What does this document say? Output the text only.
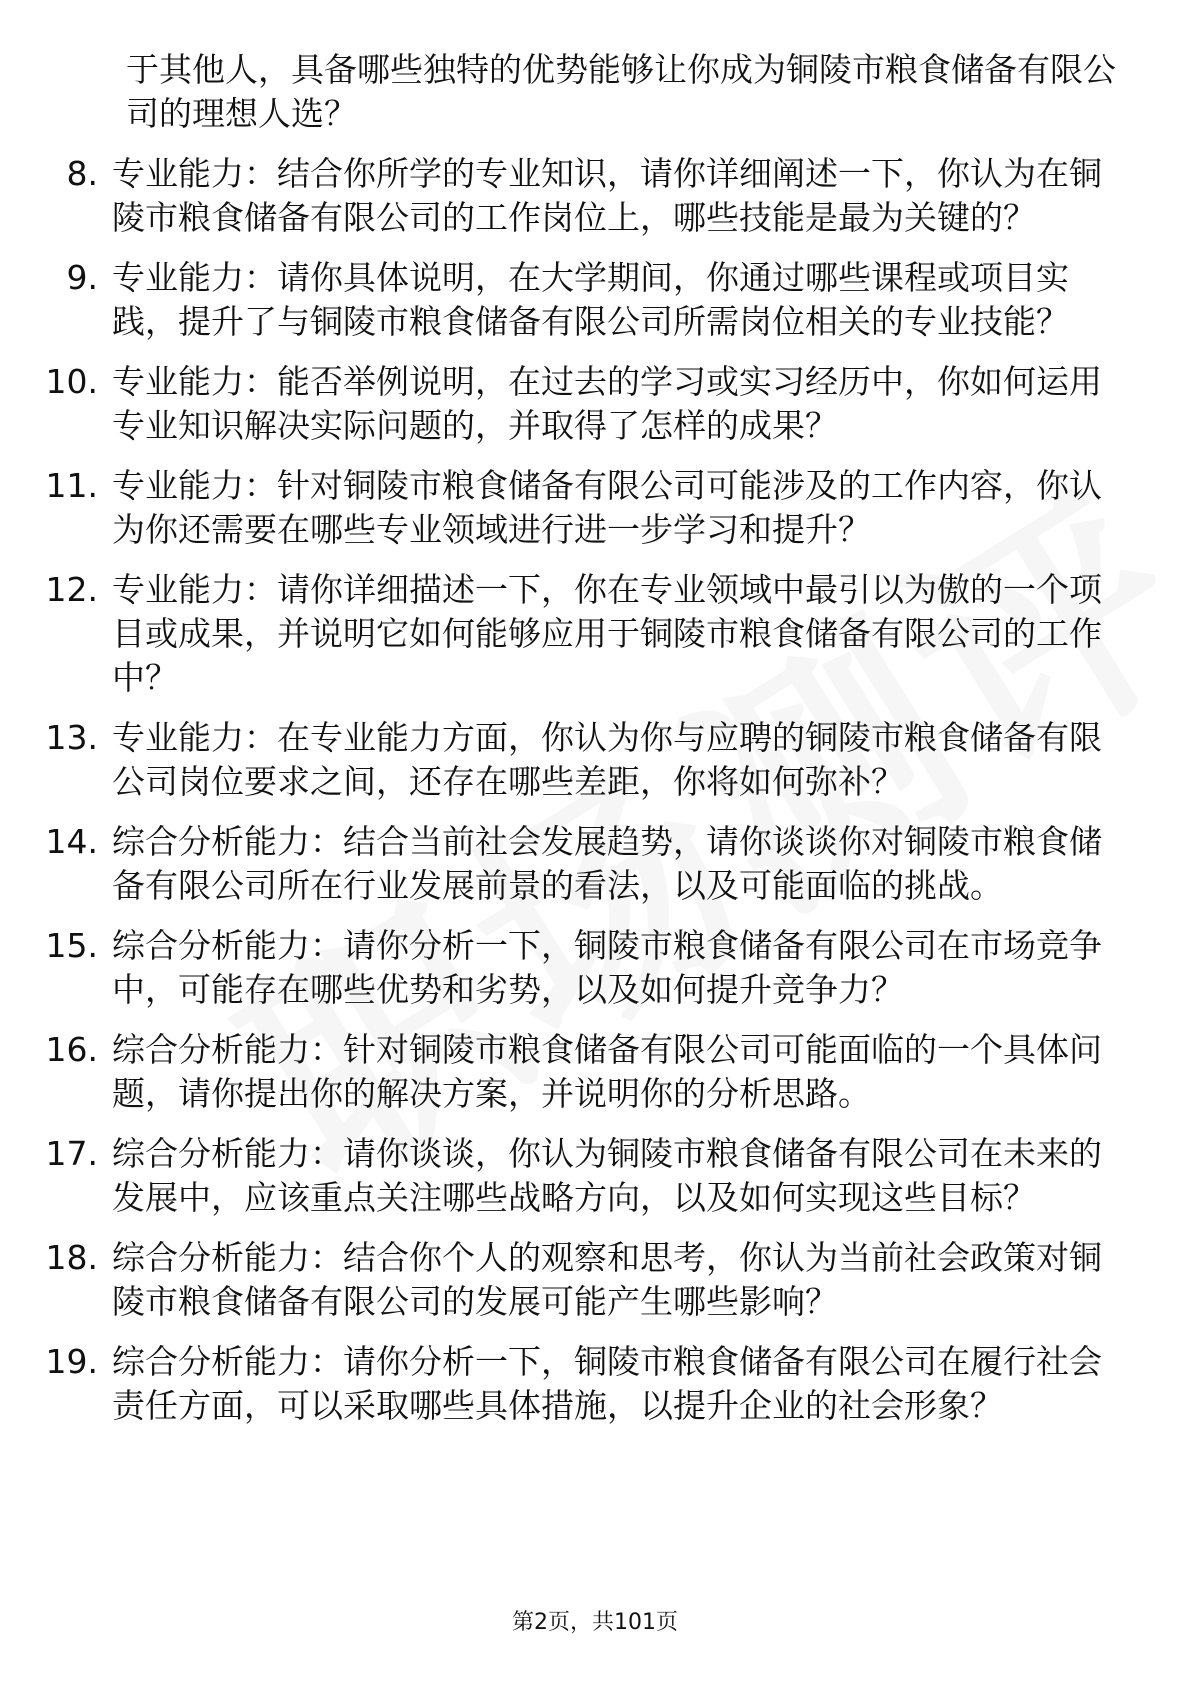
于其他人，具备哪些独特的优势能够让你成为铜陵市粮食储备有限公司的理想人选？
8. 专业能力：结合你所学的专业知识，请你详细阐述一下，你认为在铜陵市粮食储备有限公司的工作岗位上，哪些技能是最为关键的？
9. 专业能力：请你具体说明，在大学期间，你通过哪些课程或项目实践，提升了与铜陵市粮食储备有限公司所需岗位相关的专业技能？
10. 专业能力：能否举例说明，在过去的学习或实习经历中，你如何运用专业知识解决实际问题的，并取得了怎样的成果？
11. 专业能力：针对铜陵市粮食储备有限公司可能涉及的工作内容，你认为你还需要在哪些专业领域进行进一步学习和提升？
12. 专业能力：请你详细描述一下，你在专业领域中最引以为傲的一个项目或成果，并说明它如何能够应用于铜陵市粮食储备有限公司的工作中？
13. 专业能力：在专业能力方面，你认为你与应聘的铜陵市粮食储备有限公司岗位要求之间，还存在哪些差距，你将如何弥补？
14. 综合分析能力：结合当前社会发展趋势，请你谈谈你对铜陵市粮食储备有限公司所在行业发展前景的看法，以及可能面临的挑战。
15. 综合分析能力：请你分析一下，铜陵市粮食储备有限公司在市场竞争中，可能存在哪些优势和劣势，以及如何提升竞争力？
16. 综合分析能力：针对铜陵市粮食储备有限公司可能面临的一个具体问题，请你提出你的解决方案，并说明你的分析思路。
17. 综合分析能力：请你谈谈，你认为铜陵市粮食储备有限公司在未来的发展中，应该重点关注哪些战略方向，以及如何实现这些目标？
18. 综合分析能力：结合你个人的观察和思考，你认为当前社会政策对铜陵市粮食储备有限公司的发展可能产生哪些影响？
19. 综合分析能力：请你分析一下，铜陵市粮食储备有限公司在履行社会责任方面，可以采取哪些具体措施，以提升企业的社会形象？
第2页，共101页
